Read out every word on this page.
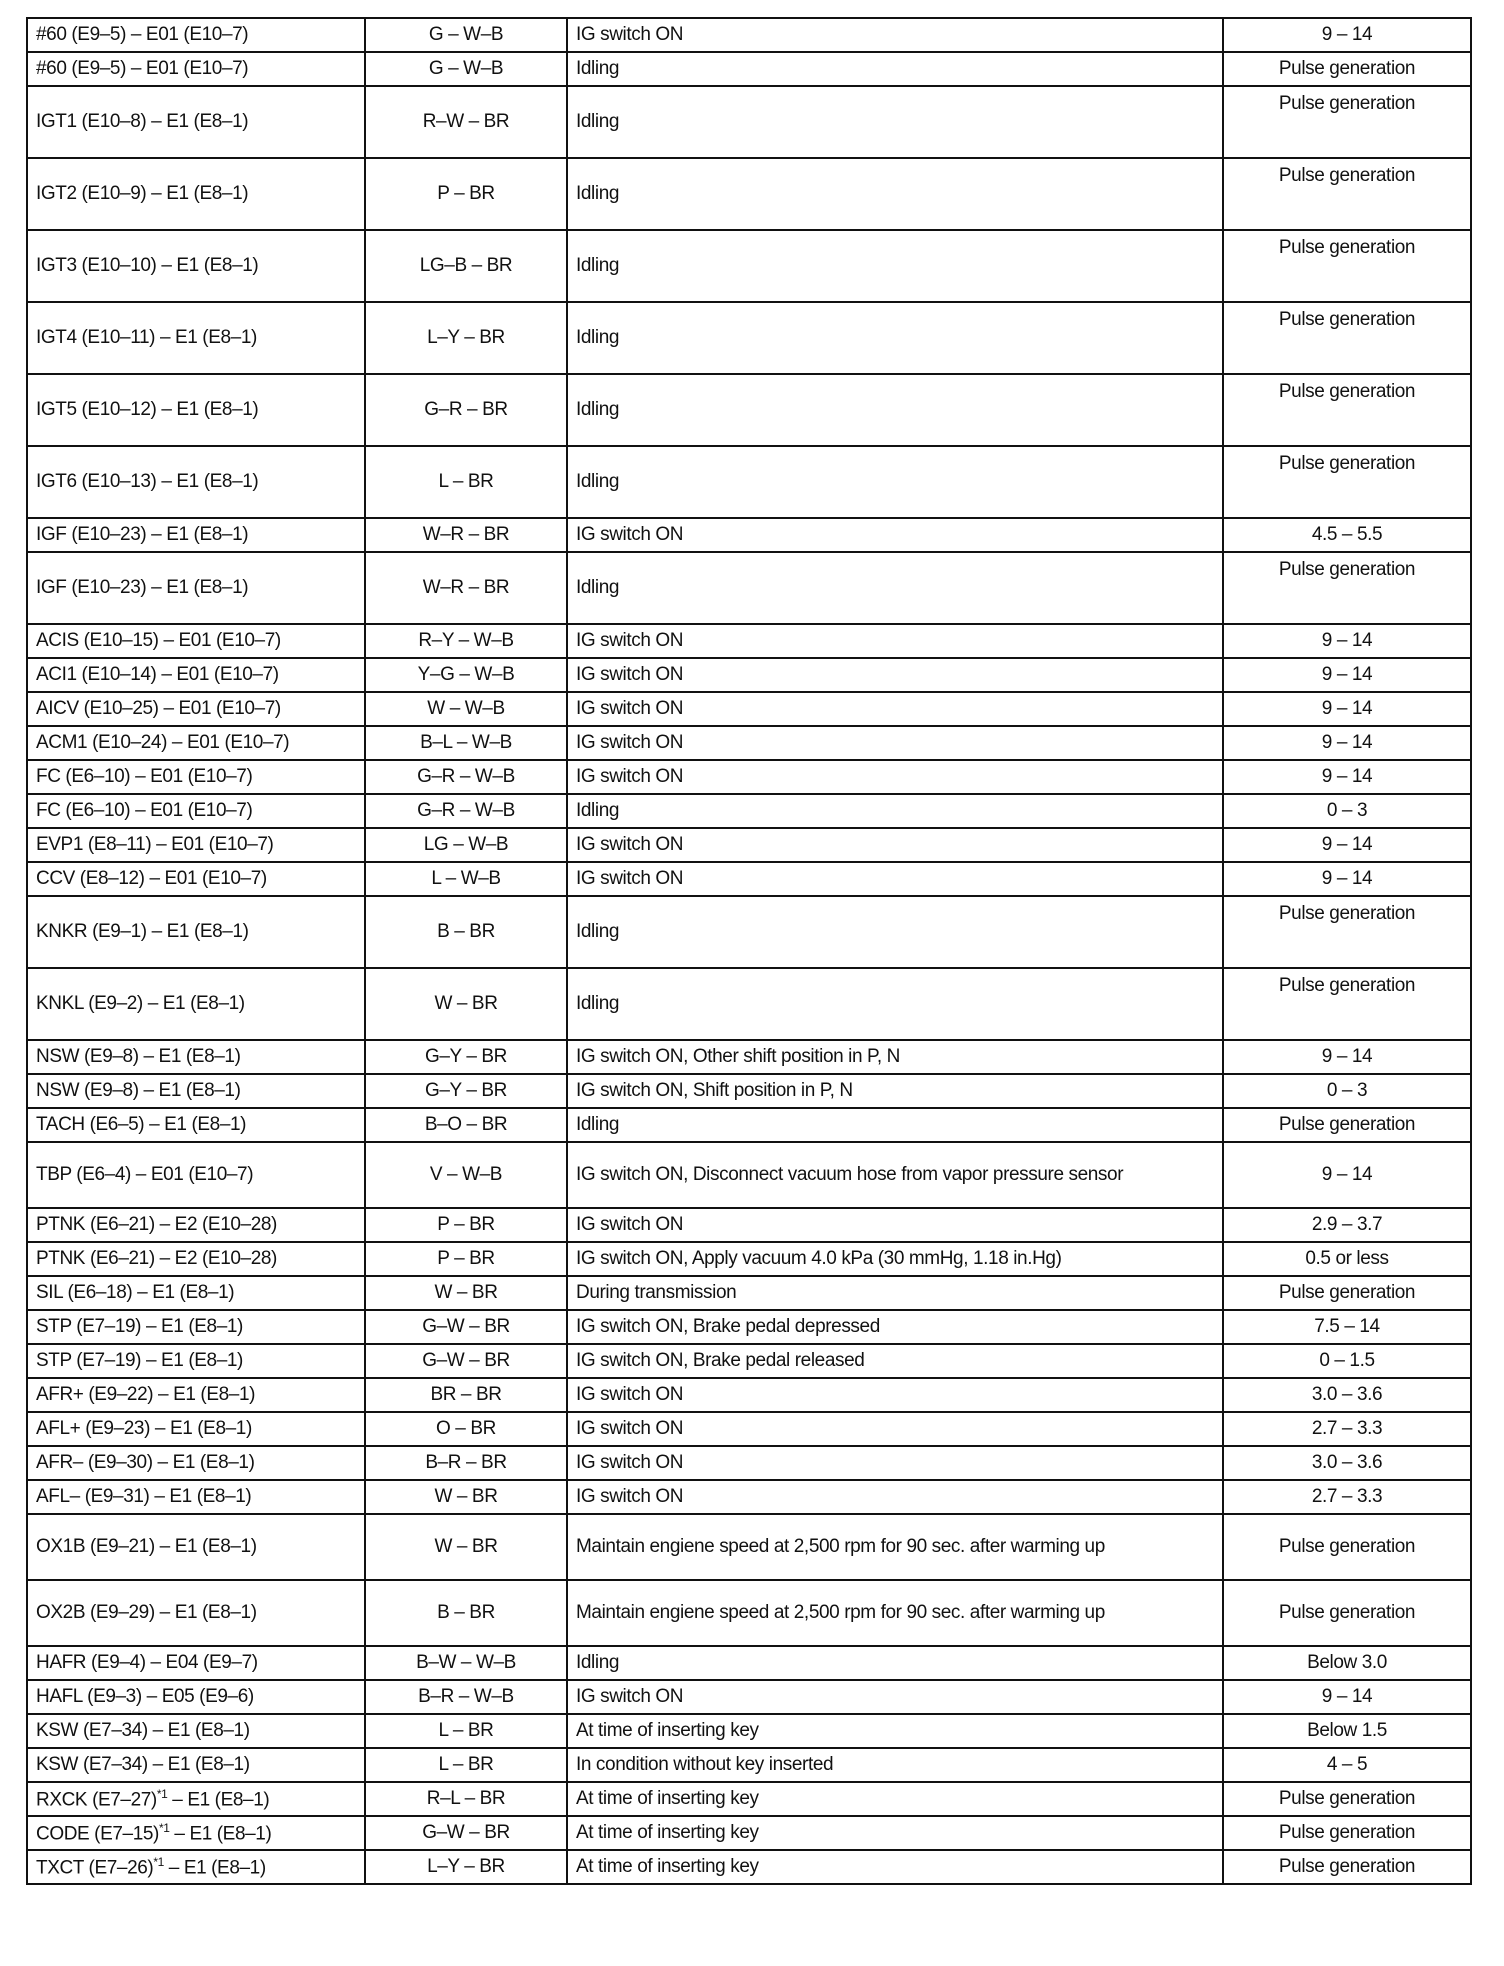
#60 (E9–5) – E01 (E10–7)	G – W–B	IG switch ON	9 – 14
#60 (E9–5) – E01 (E10–7)	G – W–B	Idling	Pulse generation
IGT1 (E10–8) – E1 (E8–1)	R–W – BR	Idling	Pulse generation
IGT2 (E10–9) – E1 (E8–1)	P – BR	Idling	Pulse generation
IGT3 (E10–10) – E1 (E8–1)	LG–B – BR	Idling	Pulse generation
IGT4 (E10–11) – E1 (E8–1)	L–Y – BR	Idling	Pulse generation
IGT5 (E10–12) – E1 (E8–1)	G–R – BR	Idling	Pulse generation
IGT6 (E10–13) – E1 (E8–1)	L – BR	Idling	Pulse generation
IGF (E10–23) – E1 (E8–1)	W–R – BR	IG switch ON	4.5 – 5.5
IGF (E10–23) – E1 (E8–1)	W–R – BR	Idling	Pulse generation
ACIS (E10–15) – E01 (E10–7)	R–Y – W–B	IG switch ON	9 – 14
ACI1 (E10–14) – E01 (E10–7)	Y–G – W–B	IG switch ON	9 – 14
AICV (E10–25) – E01 (E10–7)	W – W–B	IG switch ON	9 – 14
ACM1 (E10–24) – E01 (E10–7)	B–L – W–B	IG switch ON	9 – 14
FC (E6–10) – E01 (E10–7)	G–R – W–B	IG switch ON	9 – 14
FC (E6–10) – E01 (E10–7)	G–R – W–B	Idling	0 – 3
EVP1 (E8–11) – E01 (E10–7)	LG – W–B	IG switch ON	9 – 14
CCV (E8–12) – E01 (E10–7)	L – W–B	IG switch ON	9 – 14
KNKR (E9–1) – E1 (E8–1)	B – BR	Idling	Pulse generation
KNKL (E9–2) – E1 (E8–1)	W – BR	Idling	Pulse generation
NSW (E9–8) – E1 (E8–1)	G–Y – BR	IG switch ON, Other shift position in P, N	9 – 14
NSW (E9–8) – E1 (E8–1)	G–Y – BR	IG switch ON, Shift position in P, N	0 – 3
TACH (E6–5) – E1 (E8–1)	B–O – BR	Idling	Pulse generation
TBP (E6–4) – E01 (E10–7)	V – W–B	IG switch ON, Disconnect vacuum hose from vapor pressure sensor	9 – 14
PTNK (E6–21) – E2 (E10–28)	P – BR	IG switch ON	2.9 – 3.7
PTNK (E6–21) – E2 (E10–28)	P – BR	IG switch ON, Apply vacuum 4.0 kPa (30 mmHg, 1.18 in.Hg)	0.5 or less
SIL (E6–18) – E1 (E8–1)	W – BR	During transmission	Pulse generation
STP (E7–19) – E1 (E8–1)	G–W – BR	IG switch ON, Brake pedal depressed	7.5 – 14
STP (E7–19) – E1 (E8–1)	G–W – BR	IG switch ON, Brake pedal released	0 – 1.5
AFR+ (E9–22) – E1 (E8–1)	BR – BR	IG switch ON	3.0 – 3.6
AFL+ (E9–23) – E1 (E8–1)	O – BR	IG switch ON	2.7 – 3.3
AFR– (E9–30) – E1 (E8–1)	B–R – BR	IG switch ON	3.0 – 3.6
AFL– (E9–31) – E1 (E8–1)	W – BR	IG switch ON	2.7 – 3.3
OX1B (E9–21) – E1 (E8–1)	W – BR	Maintain engiene speed at 2,500 rpm for 90 sec. after warming up	Pulse generation
OX2B (E9–29) – E1 (E8–1)	B – BR	Maintain engiene speed at 2,500 rpm for 90 sec. after warming up	Pulse generation
HAFR (E9–4) – E04 (E9–7)	B–W – W–B	Idling	Below 3.0
HAFL (E9–3) – E05 (E9–6)	B–R – W–B	IG switch ON	9 – 14
KSW (E7–34) – E1 (E8–1)	L – BR	At time of inserting key	Below 1.5
KSW (E7–34) – E1 (E8–1)	L – BR	In condition without key inserted	4 – 5
RXCK $(E7-27)^{*1} - E1$ (E8–1)	R–L – BR	At time of inserting key	Pulse generation
CODE $(E7-15)^{*1} - E1$ (E8–1)	G–W – BR	At time of inserting key	Pulse generation
TXCT $(E7-26)^{*1} - E1$ (E8–1)	L–Y – BR	At time of inserting key	Pulse generation
